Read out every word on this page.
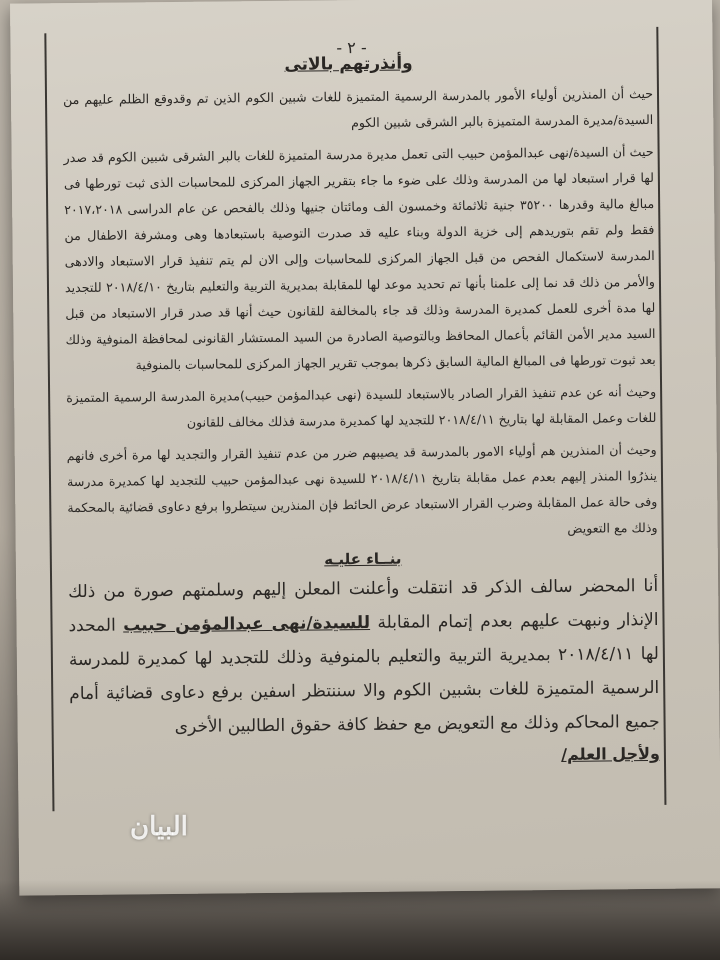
- ٢ -
وأنذرتهم بالاتى

حيث أن المنذرين أولياء الأمور بالمدرسة الرسمية المتميزة للغات شبين الكوم الذين تم وقدوقع الظلم عليهم من السيدة/مديرة المدرسة المتميزة بالبر الشرقى شبين الكوم

حيث أن السيدة/نهى عبدالمؤمن حبيب التى تعمل مديرة مدرسة المتميزة للغات بالبر الشرقى شبين الكوم قد صدر لها قرار استبعاد لها من المدرسة وذلك على ضوء ما جاء بتقرير الجهاز المركزى للمحاسبات الذى ثبت تورطها فى مبالغ مالية وقدرها ٣٥٢٠٠ جنية ثلاثمائة وخمسون الف ومائتان جنيها وذلك بالفحص عن عام الدراسى ٢٠١٧،٢٠١٨ فقط ولم تقم بتوريدهم إلى خزية الدولة وبناء عليه قد صدرت التوصية باستبعادها وهى ومشرفة الاطفال من المدرسة لاستكمال الفحص من قبل الجهاز المركزى للمحاسبات وإلى الان لم يتم تنفيذ قرار الاستبعاد والادهى والأمر من ذلك قد نما إلى علمنا بأنها تم تحديد موعد لها للمقابلة بمديرية التربية والتعليم بتاريخ ٢٠١٨/٤/١٠ للتجديد لها مدة أخرى للعمل كمديرة المدرسة وذلك قد جاء بالمخالفة للقانون حيث أنها قد صدر قرار الاستبعاد من قبل السيد مدير الأمن القائم بأعمال المحافظ وبالتوصية الصادرة من السيد المستشار القانونى لمحافظة المنوفية وذلك بعد ثبوت تورطها فى المبالغ المالية السابق ذكرها بموجب تقرير الجهاز المركزى للمحاسبات بالمنوفية

وحيث أنه عن عدم تنفيذ القرار الصادر بالاستبعاد للسيدة (نهى عبدالمؤمن حبيب)مديرة المدرسة الرسمية المتميزة للغات وعمل المقابلة لها بتاريخ ٢٠١٨/٤/١١ للتجديد لها كمديرة مدرسة فذلك مخالف للقانون

وحيث أن المنذرين هم أولياء الامور بالمدرسة قد يصيبهم ضرر من عدم تنفيذ القرار والتجديد لها مرة أخرى فانهم ينذرُوا المنذر إليهم بعدم عمل مقابلة بتاريخ ٢٠١٨/٤/١١ للسيدة نهى عبدالمؤمن حبيب للتجديد لها كمديرة مدرسة وفى حالة عمل المقابلة وضرب القرار الاستبعاد عرض الحائط فإن المنذرين سيتطروا برفع دعاوى قضائية بالمحكمة وذلك مع التعويض

بنــاء عليـه

أنا المحضر سالف الذكر قد انتقلت وأعلنت المعلن إليهم وسلمتهم صورة من ذلك الإنذار ونبهت عليهم بعدم إتمام المقابلة للسيدة/نهى عبدالمؤمن حبيب المحدد لها ٢٠١٨/٤/١١ بمديرية التربية والتعليم بالمنوفية وذلك للتجديد لها كمديرة للمدرسة الرسمية المتميزة للغات بشبين الكوم والا سننتظر اسفين برفع دعاوى قضائية أمام جميع المحاكم وذلك مع التعويض مع حفظ كافة حقوق الطالبين الأخرى

ولأجل العلم/
البيان
